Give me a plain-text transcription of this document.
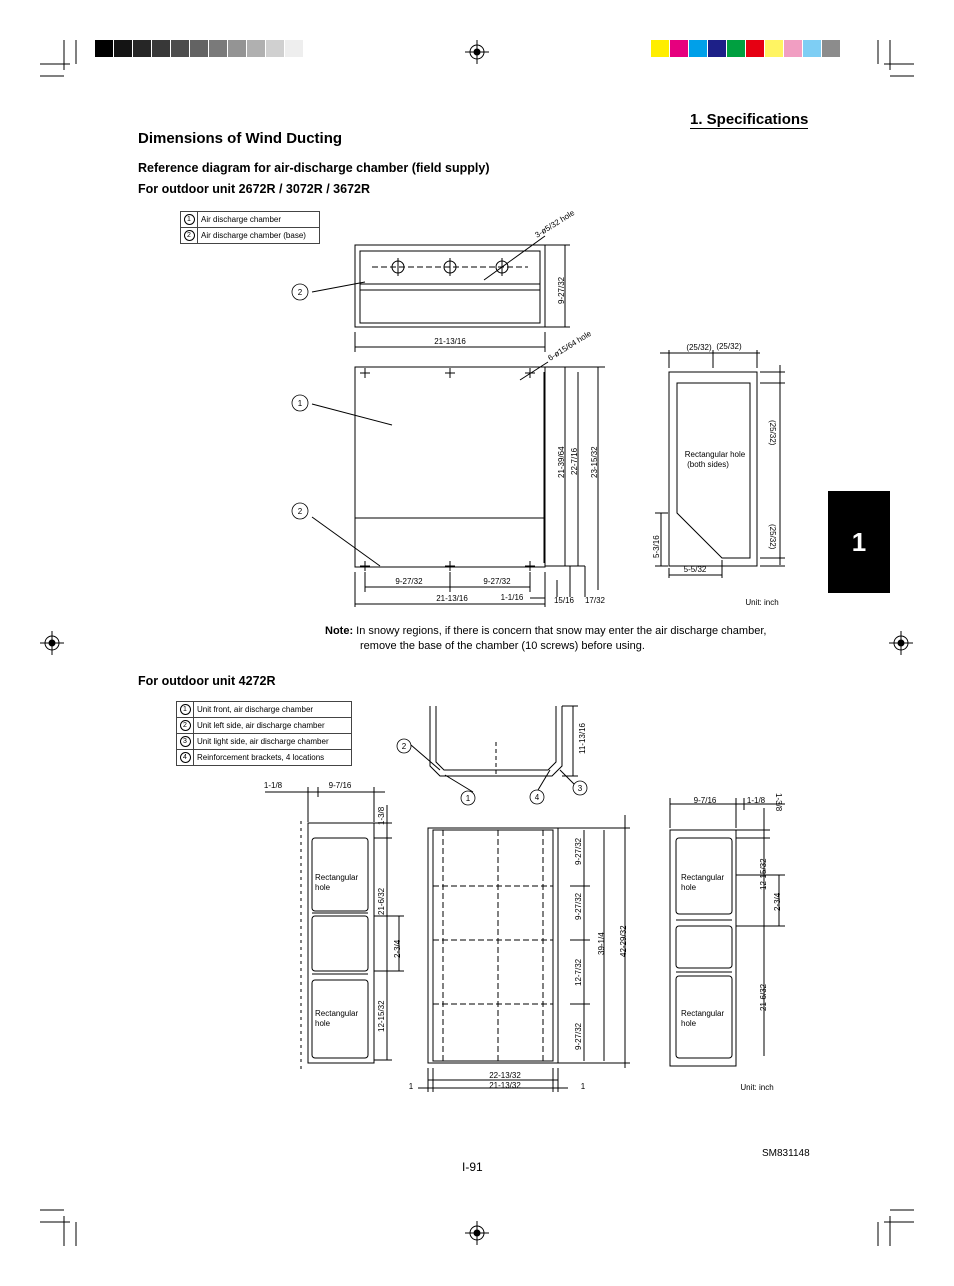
1. Specifications
Dimensions of Wind Ducting
Reference diagram for air-discharge chamber (field supply)
For outdoor unit 2672R / 3072R / 3672R
1
1	Air discharge chamber
2	Air discharge chamber (base)
2
1
2
21-13/16
9-27/32	9-27/32
21-13/16	1-1/16	15/16 17/32
(25/32) (25/32)
Rectangular hole
(both sides)
5-5/32
Unit: inch
3-ø5/32 hole
6-ø15/64 hole
9-27/32
21-39/64 22-7/16 23-15/32
(25/32)
(25/32)
5-3/16
Note: In snowy regions, if there is concern that snow may enter the air discharge chamber,
remove the base of the chamber (10 screws) before using.
For outdoor unit 4272R
1	Unit front, air discharge chamber
2	Unit left side, air discharge chamber
3	Unit light side, air discharge chamber
4	Reinforcement brackets, 4 locations
2
1	4
3
1-1/8	9-7/16
22-13/32
21-13/32
1	1
9-7/16	1-1/8
Unit: inch
Rectangular
hole
Rectangular
hole
Rectangular
hole
Rectangular
hole
11-13/16
1-3/8
21-6/32
2-3/4
12-15/32
9-27/32
9-27/32
12-7/32
9-27/32
39-1/4 42-29/32
1-3/8
12-15/32
2-3/4
21-6/32
SM831148
I-91
